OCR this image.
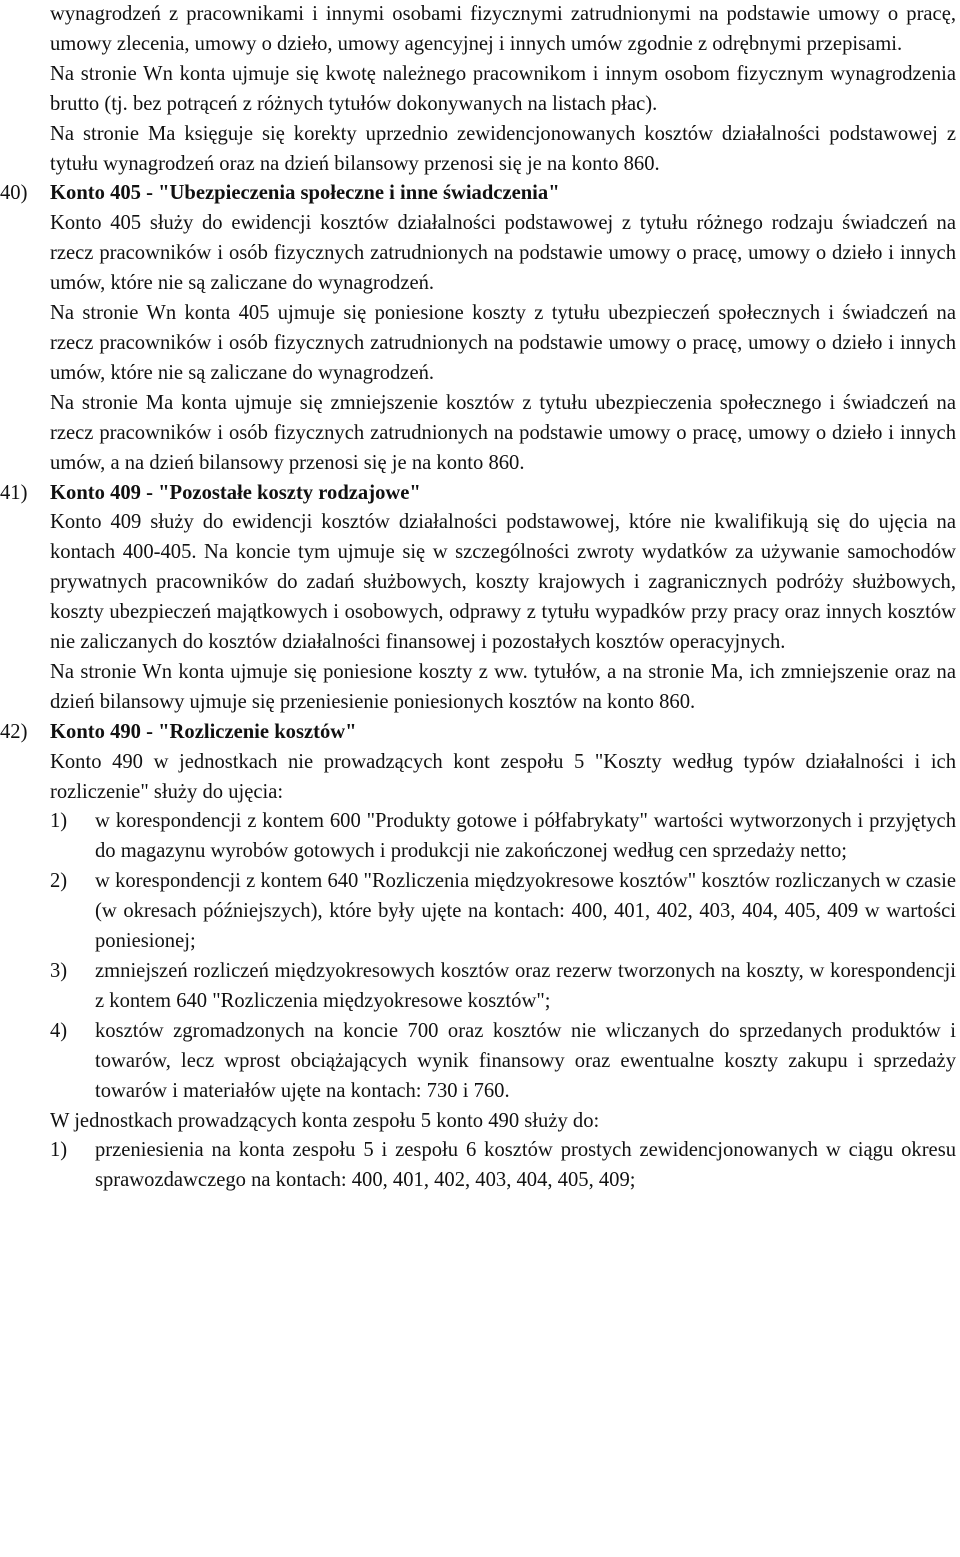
wynagrodzeń z pracownikami i innymi osobami fizycznymi zatrudnionymi na podstawie umowy o pracę, umowy zlecenia, umowy o dzieło, umowy agencyjnej i innych umów zgodnie z odrębnymi przepisami.

Na stronie Wn konta ujmuje się kwotę należnego pracownikom i innym osobom fizycznym wynagrodzenia brutto (tj. bez potrąceń z różnych tytułów dokonywanych na listach płac).

Na stronie Ma księguje się korekty uprzednio zewidencjonowanych kosztów działalności podstawowej z tytułu wynagrodzeń oraz na dzień bilansowy przenosi się je na konto 860.

40)	Konto 405 - "Ubezpieczenia społeczne i inne świadczenia"

Konto 405 służy do ewidencji kosztów działalności podstawowej z tytułu różnego rodzaju świadczeń na rzecz pracowników i osób fizycznych zatrudnionych na podstawie umowy o pracę, umowy o dzieło i innych umów, które nie są zaliczane do wynagrodzeń.

Na stronie Wn konta 405 ujmuje się poniesione koszty z tytułu ubezpieczeń społecznych i świadczeń na rzecz pracowników i osób fizycznych zatrudnionych na podstawie umowy o pracę, umowy o dzieło i innych umów, które nie są zaliczane do wynagrodzeń.

Na stronie Ma konta ujmuje się zmniejszenie kosztów z tytułu ubezpieczenia społecznego i świadczeń na rzecz pracowników i osób fizycznych zatrudnionych na podstawie umowy o pracę, umowy o dzieło i innych umów, a na dzień bilansowy przenosi się je na konto 860.

41)	Konto 409 - "Pozostałe koszty rodzajowe"

Konto 409 służy do ewidencji kosztów działalności podstawowej, które nie kwalifikują się do ujęcia na kontach 400-405. Na koncie tym ujmuje się w szczególności zwroty wydatków za używanie samochodów prywatnych pracowników do zadań służbowych, koszty krajowych i zagranicznych podróży służbowych, koszty ubezpieczeń majątkowych i osobowych, odprawy z tytułu wypadków przy pracy oraz innych kosztów nie zaliczanych do kosztów działalności finansowej i pozostałych kosztów operacyjnych.

Na stronie Wn konta ujmuje się poniesione koszty z ww. tytułów, a na stronie Ma, ich zmniejszenie oraz na dzień bilansowy ujmuje się przeniesienie poniesionych kosztów na konto 860.

42)	Konto 490 - "Rozliczenie kosztów"

Konto 490 w jednostkach nie prowadzących kont zespołu 5 "Koszty według typów działalności i ich rozliczenie" służy do ujęcia:

1)	w korespondencji z kontem 600 "Produkty gotowe i półfabrykaty" wartości wytworzonych i przyjętych do magazynu wyrobów gotowych i produkcji nie zakończonej według cen sprzedaży netto;
2)	w korespondencji z kontem 640 "Rozliczenia międzyokresowe kosztów" kosztów rozliczanych w czasie (w okresach późniejszych), które były ujęte na kontach: 400, 401, 402, 403, 404, 405, 409 w wartości poniesionej;
3)	zmniejszeń rozliczeń międzyokresowych kosztów oraz rezerw tworzonych na koszty, w korespondencji z kontem 640 "Rozliczenia międzyokresowe kosztów";
4)	kosztów zgromadzonych na koncie 700 oraz kosztów nie wliczanych do sprzedanych produktów i towarów, lecz wprost obciążających wynik finansowy oraz ewentualne koszty zakupu i sprzedaży towarów i materiałów ujęte na kontach: 730 i 760.

W jednostkach prowadzących konta zespołu 5 konto 490 służy do:

1)	przeniesienia na konta zespołu 5 i zespołu 6 kosztów prostych zewidencjonowanych w ciągu okresu sprawozdawczego na kontach: 400, 401, 402, 403, 404, 405, 409;
